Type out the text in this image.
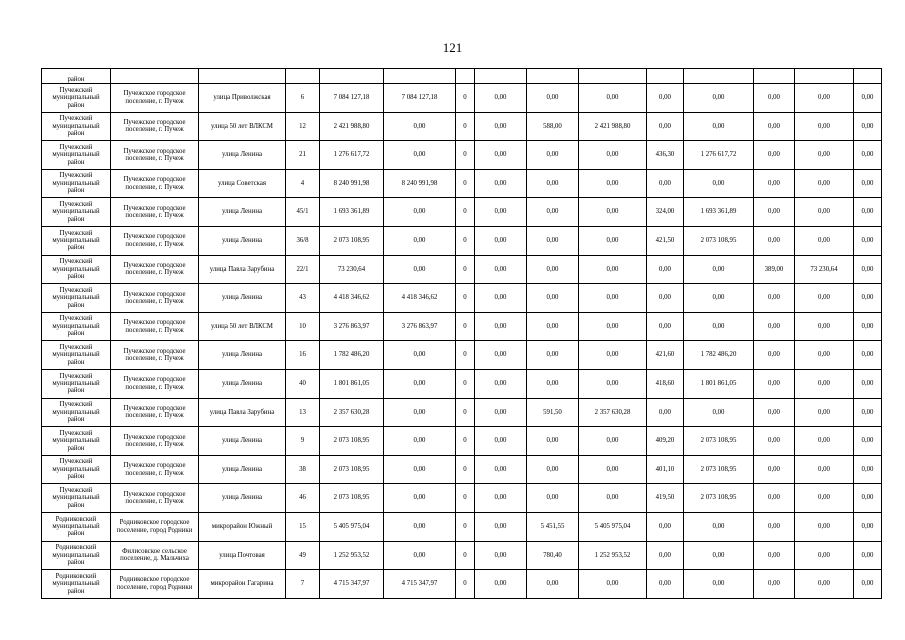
121
район														
Пучежский муниципальный район	Пучежское городское поселение, г. Пучеж	улица Приволжская	6	7 084 127,18	7 084 127,18	0	0,00	0,00	0,00	0,00	0,00	0,00	0,00	0,00
Пучежский муниципальный район	Пучежское городское поселение, г. Пучеж	улица 50 лет ВЛКСМ	12	2 421 988,80	0,00	0	0,00	588,00	2 421 988,80	0,00	0,00	0,00	0,00	0,00
Пучежский муниципальный район	Пучежское городское поселение, г. Пучеж	улица Ленина	21	1 276 617,72	0,00	0	0,00	0,00	0,00	436,30	1 276 617,72	0,00	0,00	0,00
Пучежский муниципальный район	Пучежское городское поселение, г. Пучеж	улица Советская	4	8 240 991,98	8 240 991,98	0	0,00	0,00	0,00	0,00	0,00	0,00	0,00	0,00
Пучежский муниципальный район	Пучежское городское поселение, г. Пучеж	улица Ленина	45/1	1 693 361,89	0,00	0	0,00	0,00	0,00	324,00	1 693 361,89	0,00	0,00	0,00
Пучежский муниципальный район	Пучежское городское поселение, г. Пучеж	улица Ленина	36/8	2 073 108,95	0,00	0	0,00	0,00	0,00	421,50	2 073 108,95	0,00	0,00	0,00
Пучежский муниципальный район	Пучежское городское поселение, г. Пучеж	улица Павла Зарубина	22/1	73 230,64	0,00	0	0,00	0,00	0,00	0,00	0,00	389,00	73 230,64	0,00
Пучежский муниципальный район	Пучежское городское поселение, г. Пучеж	улица Ленина	43	4 418 346,62	4 418 346,62	0	0,00	0,00	0,00	0,00	0,00	0,00	0,00	0,00
Пучежский муниципальный район	Пучежское городское поселение, г. Пучеж	улица 50 лет ВЛКСМ	10	3 276 863,97	3 276 863,97	0	0,00	0,00	0,00	0,00	0,00	0,00	0,00	0,00
Пучежский муниципальный район	Пучежское городское поселение, г. Пучеж	улица Ленина	16	1 782 486,20	0,00	0	0,00	0,00	0,00	421,60	1 782 486,20	0,00	0,00	0,00
Пучежский муниципальный район	Пучежское городское поселение, г. Пучеж	улица Ленина	40	1 801 861,05	0,00	0	0,00	0,00	0,00	418,60	1 801 861,05	0,00	0,00	0,00
Пучежский муниципальный район	Пучежское городское поселение, г. Пучеж	улица Павла Зарубина	13	2 357 630,28	0,00	0	0,00	591,50	2 357 630,28	0,00	0,00	0,00	0,00	0,00
Пучежский муниципальный район	Пучежское городское поселение, г. Пучеж	улица Ленина	9	2 073 108,95	0,00	0	0,00	0,00	0,00	409,20	2 073 108,95	0,00	0,00	0,00
Пучежский муниципальный район	Пучежское городское поселение, г. Пучеж	улица Ленина	38	2 073 108,95	0,00	0	0,00	0,00	0,00	401,10	2 073 108,95	0,00	0,00	0,00
Пучежский муниципальный район	Пучежское городское поселение, г. Пучеж	улица Ленина	46	2 073 108,95	0,00	0	0,00	0,00	0,00	419,50	2 073 108,95	0,00	0,00	0,00
Родниковский муниципальный район	Родниковское городское поселение, город Родники	микрорайон Южный	15	5 405 975,04	0,00	0	0,00	5 451,55	5 405 975,04	0,00	0,00	0,00	0,00	0,00
Родниковский муниципальный район	Филисовское сельское поселение, д. Мальчиха	улица Почтовая	49	1 252 953,52	0,00	0	0,00	780,40	1 252 953,52	0,00	0,00	0,00	0,00	0,00
Родниковский муниципальный район	Родниковское городское поселение, город Родники	микрорайон Гагарина	7	4 715 347,97	4 715 347,97	0	0,00	0,00	0,00	0,00	0,00	0,00	0,00	0,00
